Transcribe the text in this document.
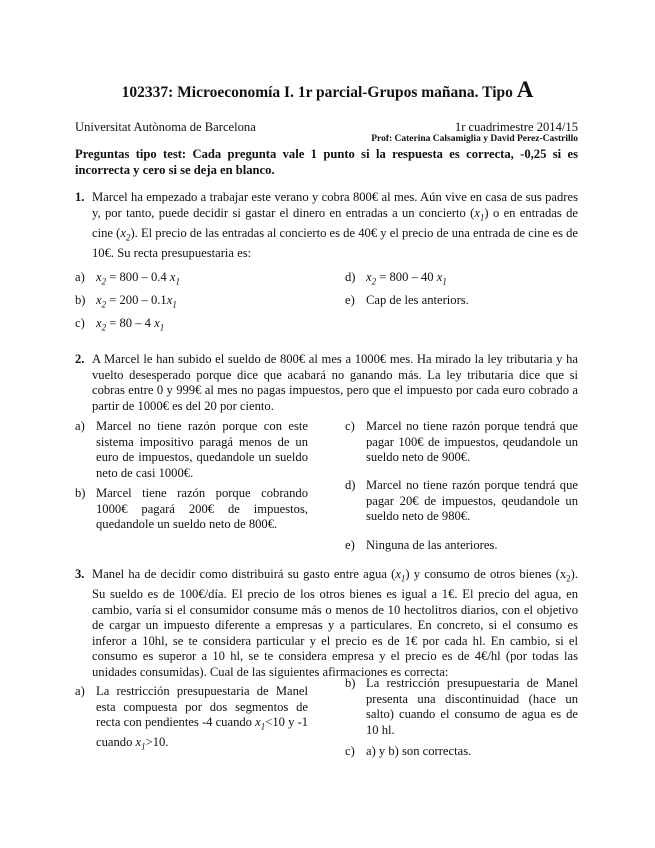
102337: Microeconomía I. 1r parcial-Grupos mañana. Tipo A
Universitat Autònoma de Barcelona	1r cuadrimestre 2014/15
Prof: Caterina Calsamiglia y David Perez-Castrillo
Preguntas tipo test: Cada pregunta vale 1 punto si la respuesta es correcta, -0,25 si es incorrecta y cero si se deja en blanco.
1. Marcel ha empezado a trabajar este verano y cobra 800€ al mes. Aún vive en casa de sus padres y, por tanto, puede decidir si gastar el dinero en entradas a un concierto $(x_1)$ o en entradas de cine $(x_2)$. El precio de las entradas al concierto es de 40€ y el precio de una entrada de cine es de 10€. Su recta presupuestaria es:
a) $x_2 = 800 - 0.4$ $x_1$
b) $x_2 = 200 - 0.1x_1$
c) $x_2 = 80 - 4$ $x_1$
d) $x_2 = 800 - 40$ $x_1$
e) Cap de les anteriors.
2. A Marcel le han subido el sueldo de 800€ al mes a 1000€ mes. Ha mirado la ley tributaria y ha vuelto desesperado porque dice que acabará no ganando más. La ley tributaria dice que si cobras entre 0 y 999€ al mes no pagas impuestos, pero que el impuesto por cada euro cobrado a partir de 1000€ es del 20 por ciento.
a) Marcel no tiene razón porque con este sistema impositivo paragá menos de un euro de impuestos, quedandole un sueldo neto de casi 1000€.
b) Marcel tiene razón porque cobrando 1000€ pagará 200€ de impuestos, quedandole un sueldo neto de 800€.
c) Marcel no tiene razón porque tendrá que pagar 100€ de impuestos, qeudandole un sueldo neto de 900€.
d) Marcel no tiene razón porque tendrá que pagar 20€ de impuestos, qeudandole un sueldo neto de 980€.
e) Ninguna de las anteriores.
3. Manel ha de decidir como distribuirá su gasto entre agua $(x_1)$ y consumo de otros bienes $(x_2)$. Su sueldo es de 100€/día. El precio de los otros bienes es igual a 1€. El precio del agua, en cambio, varía si el consumidor consume más o menos de 10 hectolitros diarios, con el objetivo de cargar un impuesto diferente a empresas y a particulares. En concreto, si el consumo es inferor a 10hl, se te considera particular y el precio es de 1€ por cada hl. En cambio, si el consumo es superor a 10 hl, se te considera empresa y el precio es de 4€/hl (por todas las unidades consumidas). Cual de las siguientes afirmaciones es correcta:
a) La restricción presupuestaria de Manel esta compuesta por dos segmentos de recta con pendientes -4 cuando $x_1<10$ y -1 cuando $x_1>10$.
b) La restricción presupuestaria de Manel presenta una discontinuidad (hace un salto) cuando el consumo de agua es de 10 hl.
c) a) y b) son correctas.
